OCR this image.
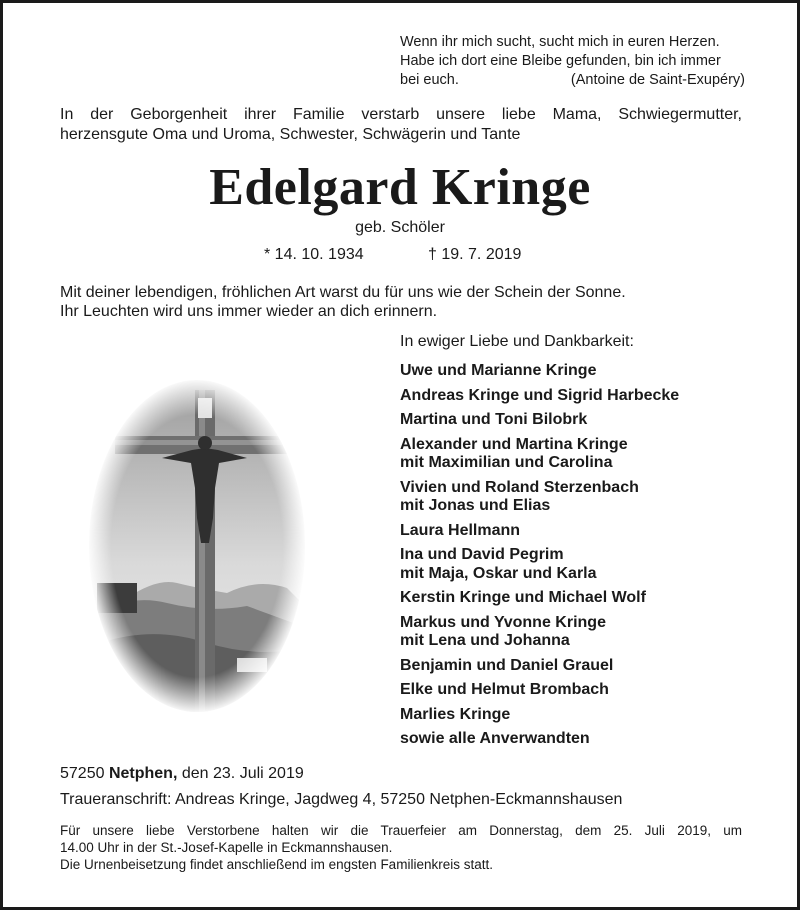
Wenn ihr mich sucht, sucht mich in euren Herzen.
Habe ich dort eine Bleibe gefunden, bin ich immer
bei euch.	(Antoine de Saint-Exupéry)
In der Geborgenheit ihrer Familie verstarb unsere liebe Mama, Schwiegermutter,
herzensgute Oma und Uroma, Schwester, Schwägerin und Tante
Edelgard Kringe
geb. Schöler
* 14. 10. 1934	† 19. 7. 2019
Mit deiner lebendigen, fröhlichen Art warst du für uns wie der Schein der Sonne.
Ihr Leuchten wird uns immer wieder an dich erinnern.
In ewiger Liebe und Dankbarkeit:
Uwe und Marianne Kringe
Andreas Kringe und Sigrid Harbecke
Martina und Toni Bilobrk
Alexander und Martina Kringe
mit Maximilian und Carolina
Vivien und Roland Sterzenbach
mit Jonas und Elias
Laura Hellmann
Ina und David Pegrim
mit Maja, Oskar und Karla
Kerstin Kringe und Michael Wolf
Markus und Yvonne Kringe
mit Lena und Johanna
Benjamin und Daniel Grauel
Elke und Helmut Brombach
Marlies Kringe
sowie alle Anverwandten
57250 Netphen, den 23. Juli 2019
Traueranschrift: Andreas Kringe, Jagdweg 4, 57250 Netphen-Eckmannshausen
Für unsere liebe Verstorbene halten wir die Trauerfeier am Donnerstag, dem 25. Juli 2019, um
14.00 Uhr in der St.-Josef-Kapelle in Eckmannshausen.
Die Urnenbeisetzung findet anschließend im engsten Familienkreis statt.
